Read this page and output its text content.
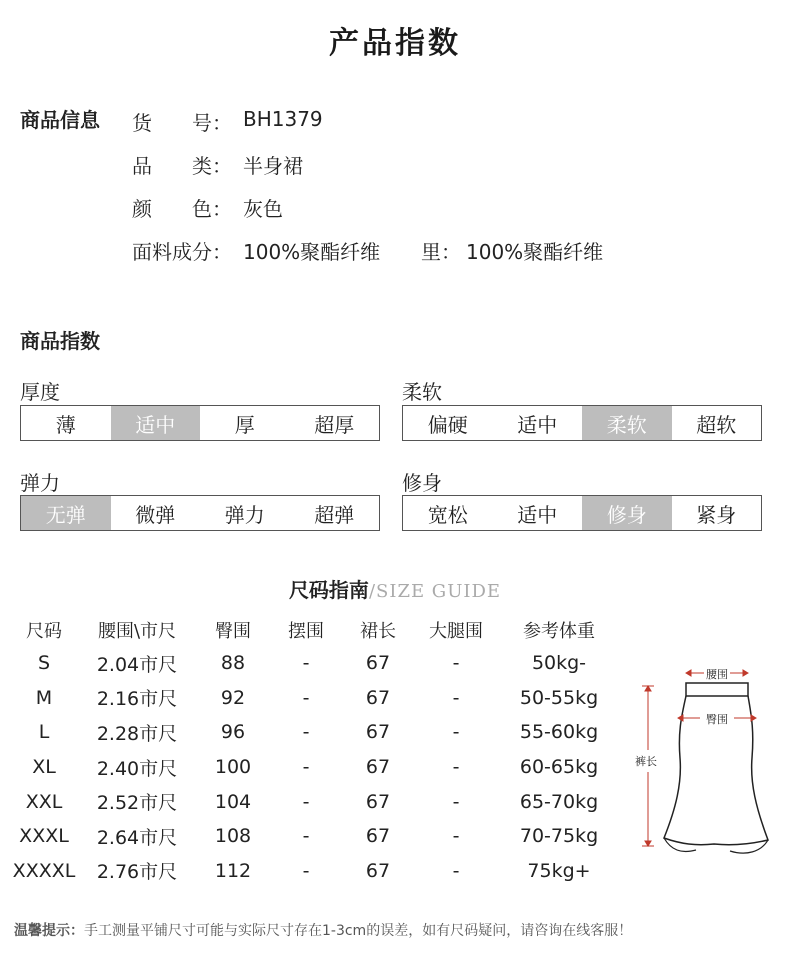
产品指数
商品信息 货　　号： BH1379
品　　类： 半身裙
颜　　色： 灰色
面料成分： 100%聚酯纤维 里： 100%聚酯纤维
商品指数
厚度
薄	适中	厚	超厚
柔软
偏硬	适中	柔软	超软
弹力
无弹	微弹	弹力	超弹
修身
宽松	适中	修身	紧身
尺码指南/SIZE GUIDE
尺码	腰围\市尺	臀围	摆围	裙长	大腿围	参考体重
S	2.04市尺	88	-	67	-	50kg-
M	2.16市尺	92	-	67	-	50-55kg
L	2.28市尺	96	-	67	-	55-60kg
XL	2.40市尺	100	-	67	-	60-65kg
XXL	2.52市尺	104	-	67	-	65-70kg
XXXL	2.64市尺	108	-	67	-	70-75kg
XXXXL	2.76市尺	112	-	67	-	75kg+
腰围
臀围
裤长
温馨提示：手工测量平铺尺寸可能与实际尺寸存在1-3cm的误差，如有尺码疑问，请咨询在线客服！
